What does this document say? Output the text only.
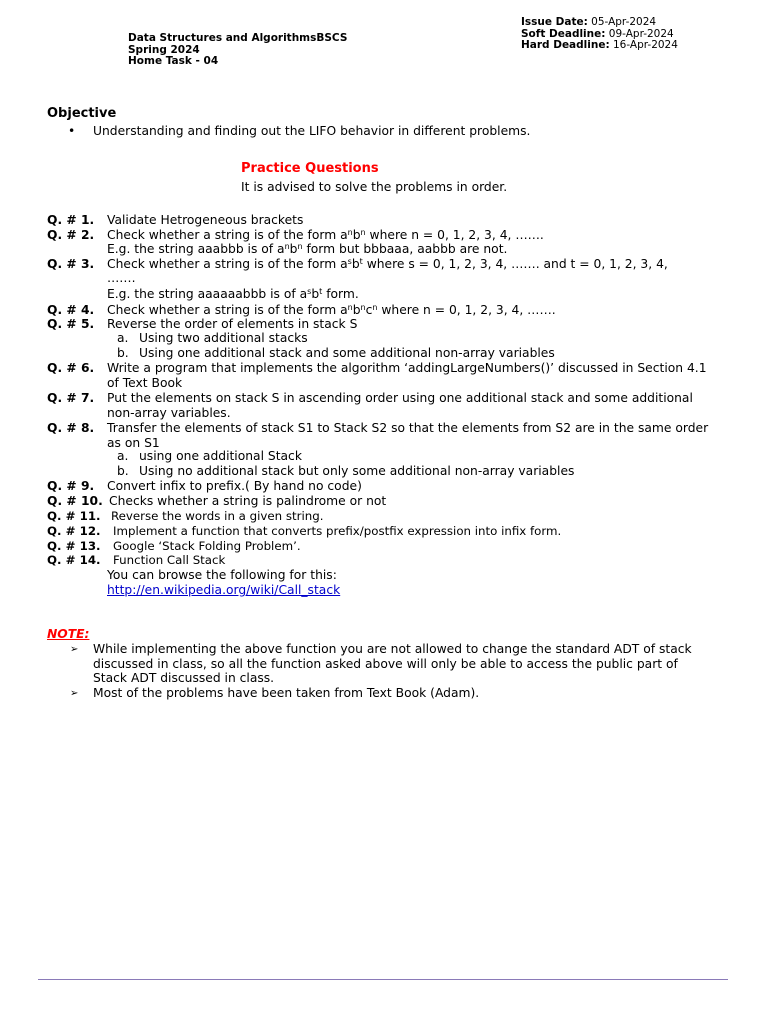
Data Structures and AlgorithmsBSCS
Spring 2024
Home Task - 04
Issue Date: 05-Apr-2024
Soft Deadline: 09-Apr-2024
Hard Deadline: 16-Apr-2024
Objective
• Understanding and finding out the LIFO behavior in different problems.
Practice Questions
It is advised to solve the problems in order.
Q. # 1. Validate Hetrogeneous brackets
Q. # 2. Check whether a string is of the form $a^nb^n$ where n = 0, 1, 2, 3, 4, …….
E.g. the string aaabbb is of $a^nb^n$ form but bbbaaa, aabbb are not.
Q. # 3. Check whether a string is of the form $a^sb^t$ where s = 0, 1, 2, 3, 4, ……. and t = 0, 1, 2, 3, 4,
…….
E.g. the string aaaaaabbb is of $a^sb^t$ form.
Q. # 4. Check whether a string is of the form $a^nb^nc^n$ where n = 0, 1, 2, 3, 4, …….
Q. # 5. Reverse the order of elements in stack S
a. Using two additional stacks
b. Using one additional stack and some additional non-array variables
Q. # 6. Write a program that implements the algorithm ‘addingLargeNumbers()’ discussed in Section 4.1 of Text Book
Q. # 7. Put the elements on stack S in ascending order using one additional stack and some additional non-array variables.
Q. # 8. Transfer the elements of stack S1 to Stack S2 so that the elements from S2 are in the same order as on S1
a. using one additional Stack
b. Using no additional stack but only some additional non-array variables
Q. # 9. Convert infix to prefix.( By hand no code)
Q. # 10. Checks whether a string is palindrome or not
Q. # 11. Reverse the words in a given string.
Q. # 12. Implement a function that converts prefix/postfix expression into infix form.
Q. # 13. Google ‘Stack Folding Problem’.
Q. # 14. Function Call Stack
You can browse the following for this:
http://en.wikipedia.org/wiki/Call_stack
NOTE:
➢ While implementing the above function you are not allowed to change the standard ADT of stack discussed in class, so all the function asked above will only be able to access the public part of Stack ADT discussed in class.
➢ Most of the problems have been taken from Text Book (Adam).
